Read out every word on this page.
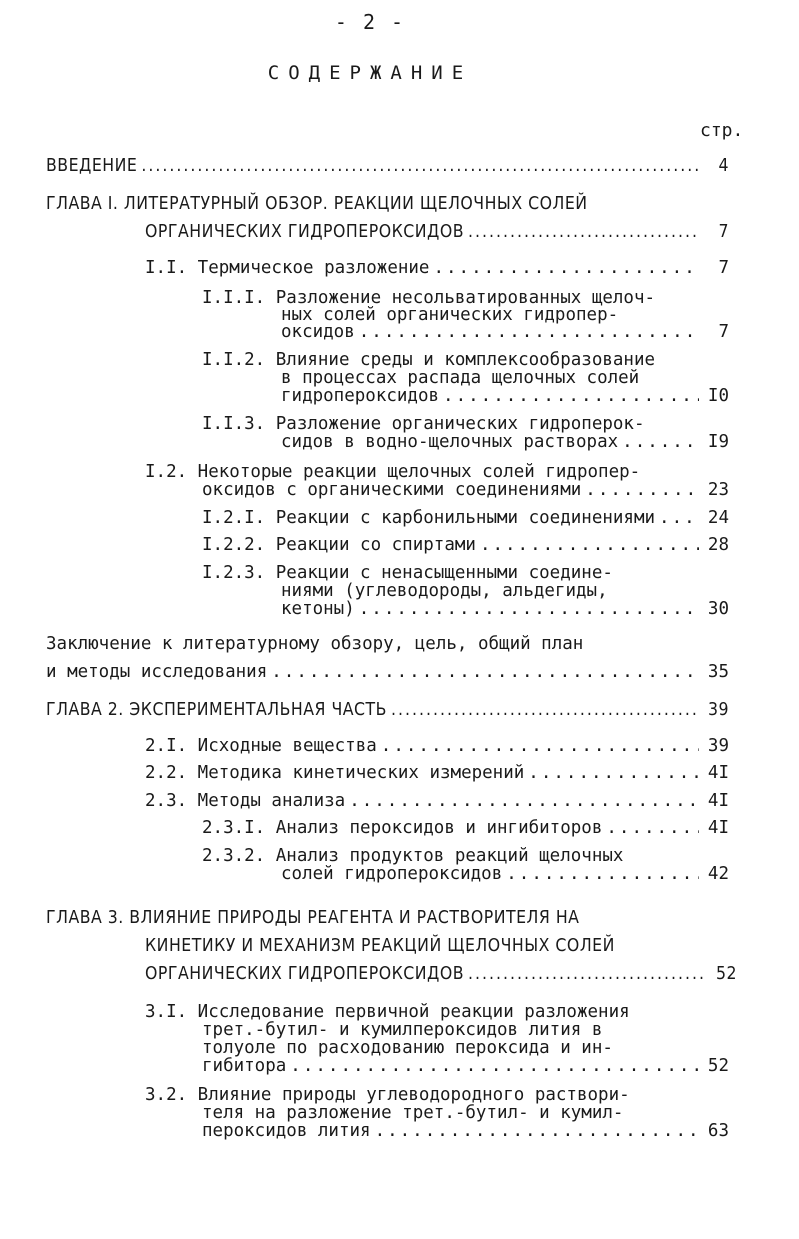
- 2 -
СОДЕРЖАНИЕ
стр.
ВВЕДЕНИЕ .....	4
ГЛАВА I. ЛИТЕРАТУРНЫЙ ОБЗОР. РЕАКЦИИ ЩЕЛОЧНЫХ СОЛЕЙ
ОРГАНИЧЕСКИХ ГИДРОПЕРОКСИДОВ .....	7
I.I. Термическое разложение .....	7
I.I.I. Разложение несольватированных щелоч-
ных солей органических гидропер-
оксидов .....	7
I.I.2. Влияние среды и комплексообразование
в процессах распада щелочных солей
гидропероксидов .....	I0
I.I.3. Разложение органических гидроперок-
сидов в водно-щелочных растворах .....	I9
I.2. Некоторые реакции щелочных солей гидропер-
оксидов с органическими соединениями .....	23
I.2.I. Реакции с карбонильными соединениями .....	24
I.2.2. Реакции со спиртами .....	28
I.2.3. Реакции с ненасыщенными соедине-
ниями (углеводороды, альдегиды,
кетоны) .....	30
Заключение к литературному обзору, цель, общий план
и методы исследования .....	35
ГЛАВА 2. ЭКСПЕРИМЕНТАЛЬНАЯ ЧАСТЬ .....	39
2.I. Исходные вещества .....	39
2.2. Методика кинетических измерений .....	4I
2.3. Методы анализа .....	4I
2.3.I. Анализ пероксидов и ингибиторов .....	4I
2.3.2. Анализ продуктов реакций щелочных
солей гидропероксидов .....	42
ГЛАВА 3. ВЛИЯНИЕ ПРИРОДЫ РЕАГЕНТА И РАСТВОРИТЕЛЯ НА
КИНЕТИКУ И МЕХАНИЗМ РЕАКЦИЙ ЩЕЛОЧНЫХ СОЛЕЙ
ОРГАНИЧЕСКИХ ГИДРОПЕРОКСИДОВ .....	52
3.I. Исследование первичной реакции разложения
трет.-бутил- и кумилпероксидов лития в
толуоле по расходованию пероксида и ин-
гибитора .....	52
3.2. Влияние природы углеводородного раствори-
теля на разложение трет.-бутил- и кумил-
пероксидов лития .....	63
